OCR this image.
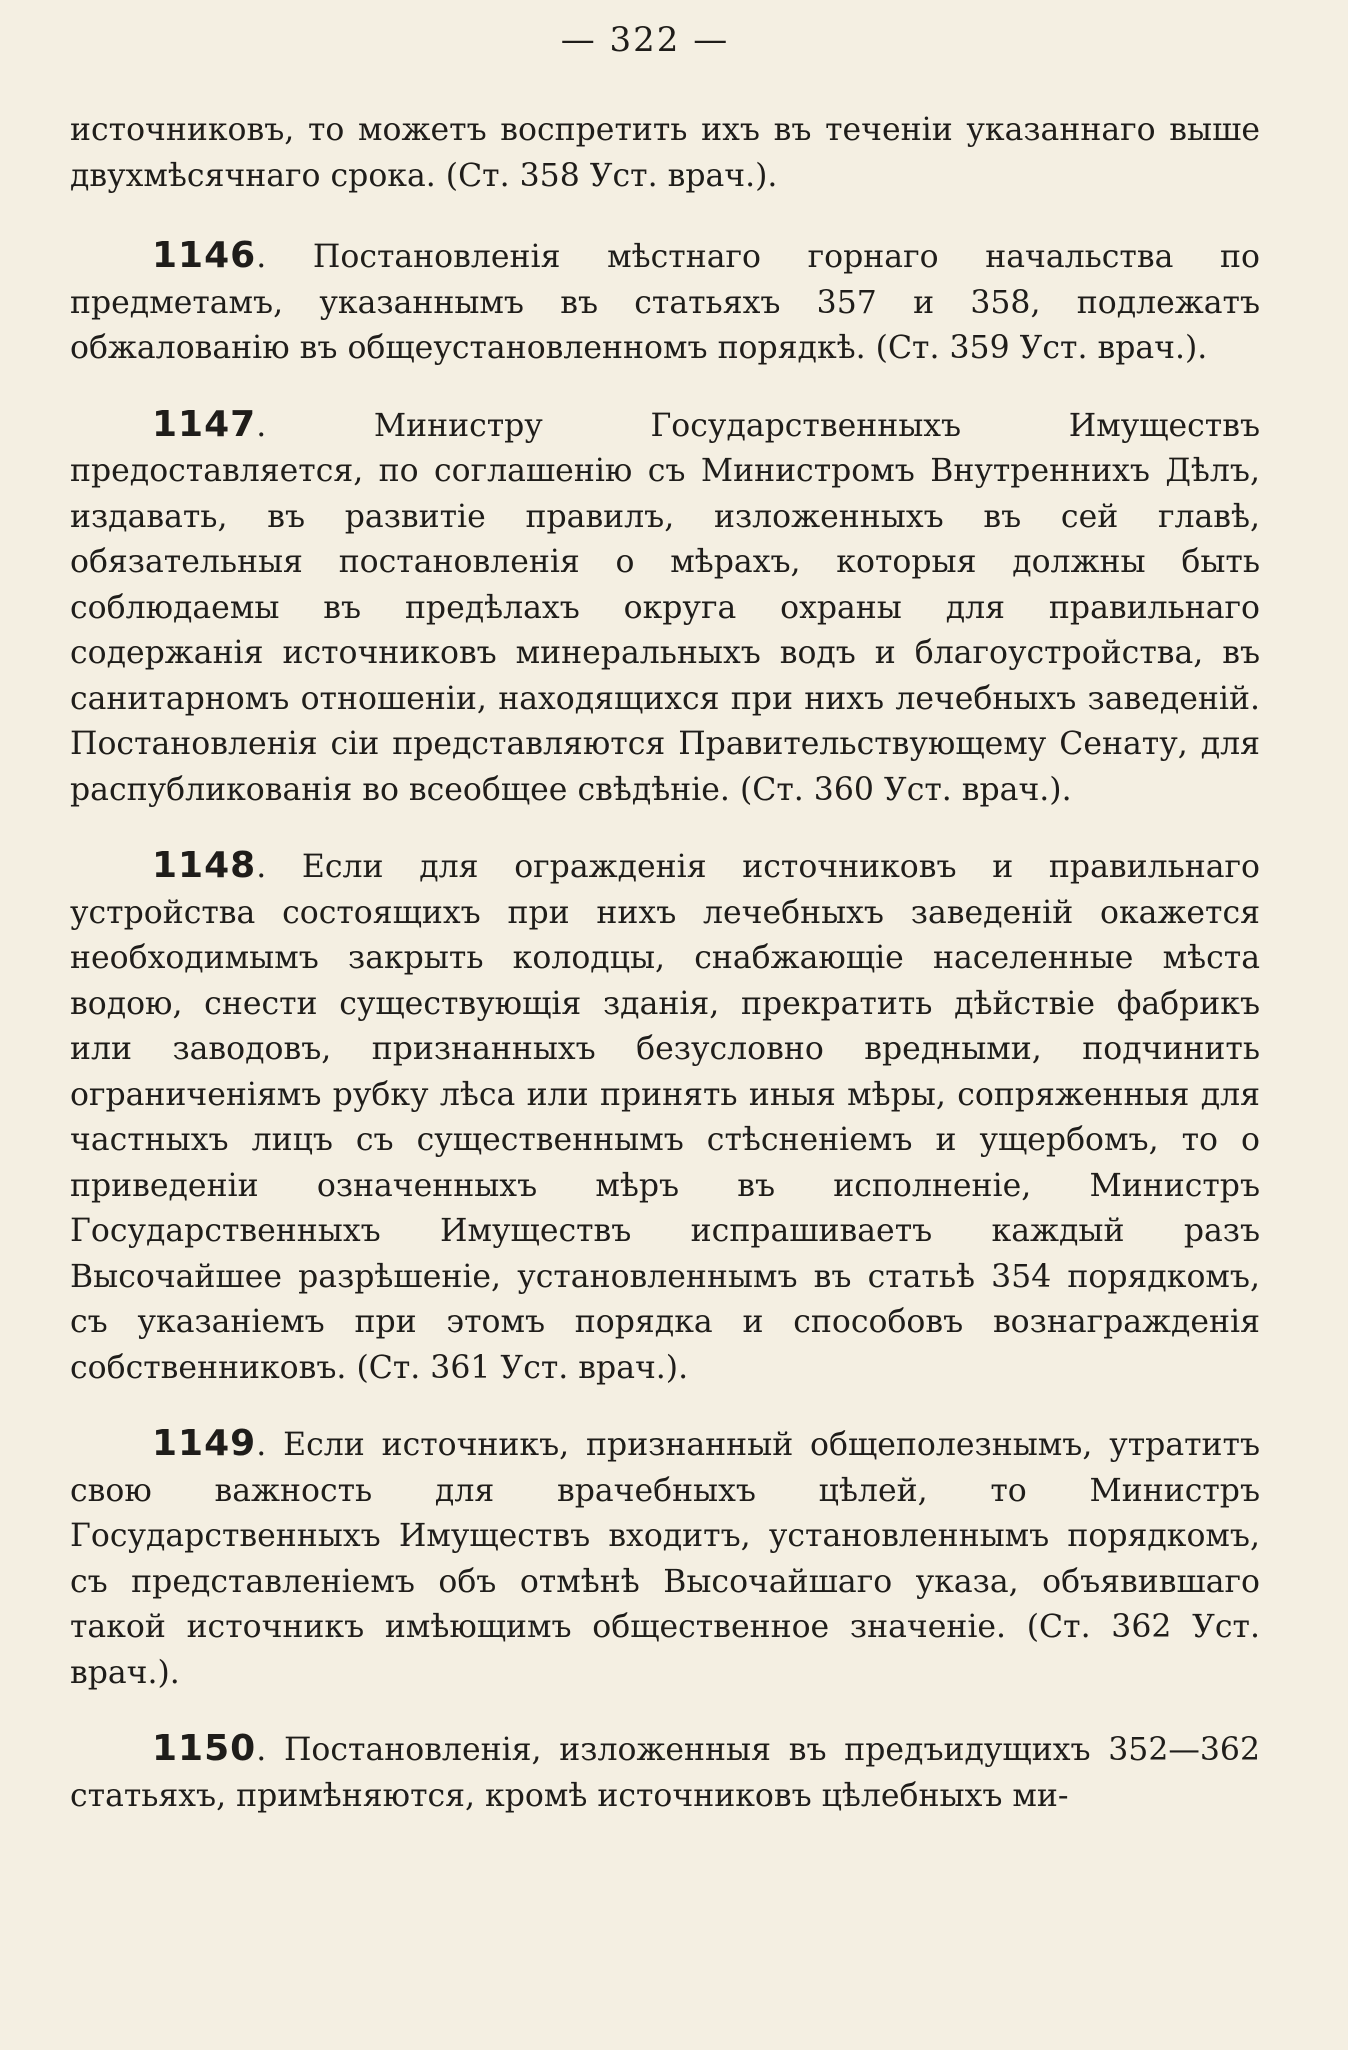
— 322 —

источниковъ, то можетъ воспретить ихъ въ теченіи указаннаго выше двухмѣсячнаго срока. (Ст. 358 Уст. врач.).

1146. Постановленія мѣстнаго горнаго начальства по предметамъ, указаннымъ въ статьяхъ 357 и 358, подлежатъ обжалованію въ общеустановленномъ порядкѣ. (Ст. 359 Уст. врач.).

1147. Министру Государственныхъ Имуществъ предоставляется, по соглашенію съ Министромъ Внутреннихъ Дѣлъ, издавать, въ развитіе правилъ, изложенныхъ въ сей главѣ, обязательныя постановленія о мѣрахъ, которыя должны быть соблюдаемы въ предѣлахъ округа охраны для правильнаго содержанія источниковъ минеральныхъ водъ и благоустройства, въ санитарномъ отношеніи, находящихся при нихъ лечебныхъ заведеній. Постановленія сіи представляются Правительствующему Сенату, для распубликованія во всеобщее свѣдѣніе. (Ст. 360 Уст. врач.).

1148. Если для огражденія источниковъ и правильнаго устройства состоящихъ при нихъ лечебныхъ заведеній окажется необходимымъ закрыть колодцы, снабжающіе населенные мѣста водою, снести существующія зданія, прекратить дѣйствіе фабрикъ или заводовъ, признанныхъ безусловно вредными, подчинить ограниченіямъ рубку лѣса или принять иныя мѣры, сопряженныя для частныхъ лицъ съ существеннымъ стѣсненіемъ и ущербомъ, то о приведеніи означенныхъ мѣръ въ исполненіе, Министръ Государственныхъ Имуществъ испрашиваетъ каждый разъ Высочайшее разрѣшеніе, установленнымъ въ статьѣ 354 порядкомъ, съ указаніемъ при этомъ порядка и способовъ вознагражденія собственниковъ. (Ст. 361 Уст. врач.).

1149. Если источникъ, признанный общеполезнымъ, утратитъ свою важность для врачебныхъ цѣлей, то Министръ Государственныхъ Имуществъ входитъ, установленнымъ порядкомъ, съ представленіемъ объ отмѣнѣ Высочайшаго указа, объявившаго такой источникъ имѣющимъ общественное значеніе. (Ст. 362 Уст. врач.).

1150. Постановленія, изложенныя въ предъидущихъ 352—362 статьяхъ, примѣняются, кромѣ источниковъ цѣлебныхъ ми-
